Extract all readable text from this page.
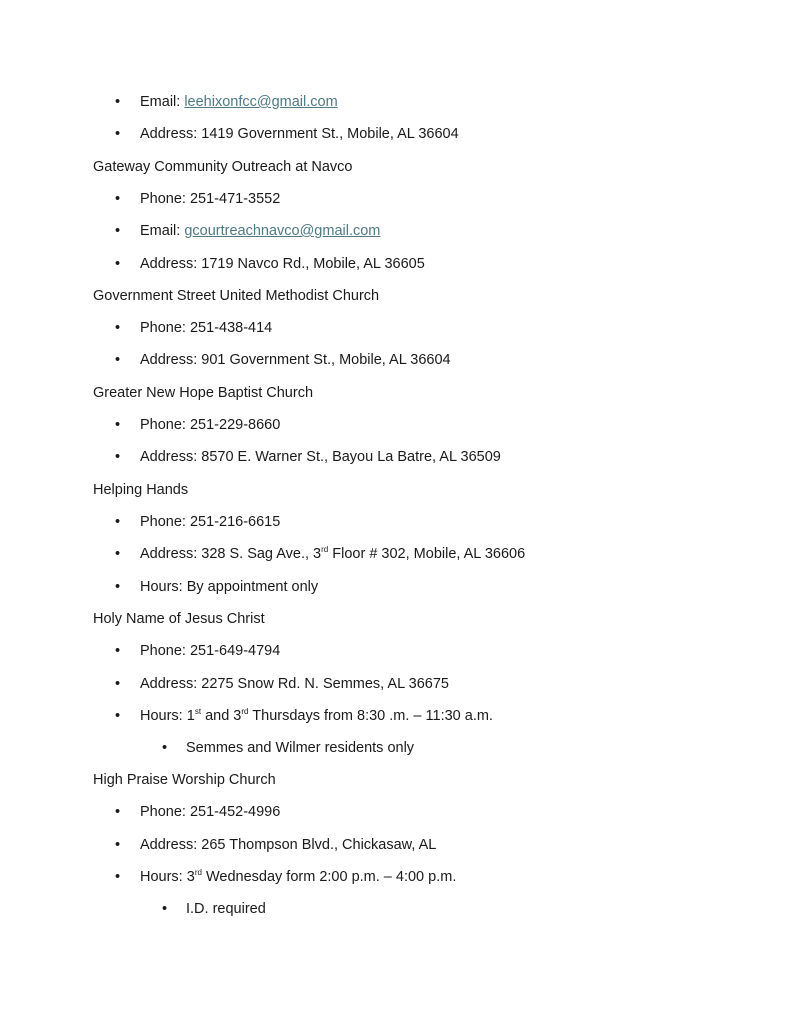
• Email: leehixonfcc@gmail.com
• Address: 1419 Government St., Mobile, AL 36604
Gateway Community Outreach at Navco
• Phone: 251-471-3552
• Email: gcourtreachnavco@gmail.com
• Address: 1719 Navco Rd., Mobile, AL 36605
Government Street United Methodist Church
• Phone: 251-438-414
• Address: 901 Government St., Mobile, AL 36604
Greater New Hope Baptist Church
• Phone: 251-229-8660
• Address: 8570 E. Warner St., Bayou La Batre, AL 36509
Helping Hands
• Phone: 251-216-6615
• Address: 328 S. Sag Ave., 3rd Floor # 302, Mobile, AL 36606
• Hours: By appointment only
Holy Name of Jesus Christ
• Phone: 251-649-4794
• Address: 2275 Snow Rd. N. Semmes, AL 36675
• Hours: 1st and 3rd Thursdays from 8:30 .m. – 11:30 a.m.
• Semmes and Wilmer residents only
High Praise Worship Church
• Phone: 251-452-4996
• Address: 265 Thompson Blvd., Chickasaw, AL
• Hours: 3rd Wednesday form 2:00 p.m. – 4:00 p.m.
• I.D. required
